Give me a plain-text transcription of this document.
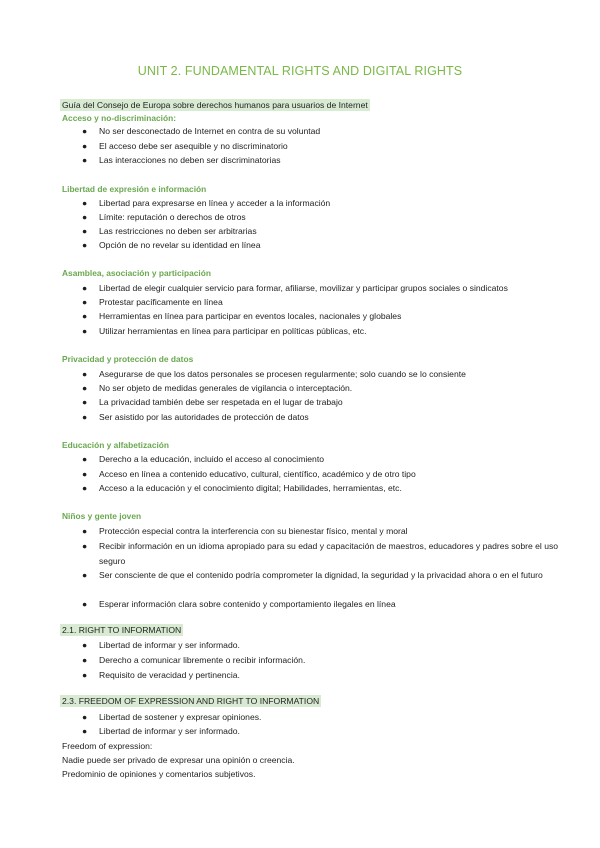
UNIT 2. FUNDAMENTAL RIGHTS AND DIGITAL RIGHTS
Guía del Consejo de Europa sobre derechos humanos para usuarios de Internet
Acceso y no-discriminación:
● No ser desconectado de Internet en contra de su voluntad
● El acceso debe ser asequible y no discriminatorio
● Las interacciones no deben ser discriminatorias
Libertad de expresión e información
● Libertad para expresarse en línea y acceder a la información
● Límite: reputación o derechos de otros
● Las restricciones no deben ser arbitrarias
● Opción de no revelar su identidad en línea
Asamblea, asociación y participación
● Libertad de elegir cualquier servicio para formar, afiliarse, movilizar y participar grupos sociales o sindicatos
● Protestar pacíficamente en línea
● Herramientas en línea para participar en eventos locales, nacionales y globales
● Utilizar herramientas en línea para participar en políticas públicas, etc.
Privacidad y protección de datos
● Asegurarse de que los datos personales se procesen regularmente; solo cuando se lo consiente
● No ser objeto de medidas generales de vigilancia o interceptación.
● La privacidad también debe ser respetada en el lugar de trabajo
● Ser asistido por las autoridades de protección de datos
Educación y alfabetización
● Derecho a la educación, incluido el acceso al conocimiento
● Acceso en línea a contenido educativo, cultural, científico, académico y de otro tipo
● Acceso a la educación y el conocimiento digital; Habilidades, herramientas, etc.
Niños y gente joven
● Protección especial contra la interferencia con su bienestar físico, mental y moral
● Recibir información en un idioma apropiado para su edad y capacitación de maestros, educadores y padres sobre el uso seguro
● Ser consciente de que el contenido podría comprometer la dignidad, la seguridad y la privacidad ahora o en el futuro
● Esperar información clara sobre contenido y comportamiento ilegales en línea
2.1. RIGHT TO INFORMATION
● Libertad de informar y ser informado.
● Derecho a comunicar libremente o recibir información.
● Requisito de veracidad y pertinencia.
2.3. FREEDOM OF EXPRESSION AND RIGHT TO INFORMATION
● Libertad de sostener y expresar opiniones.
● Libertad de informar y ser informado.
Freedom of expression:
Nadie puede ser privado de expresar una opinión o creencia.
Predominio de opiniones y comentarios subjetivos.
